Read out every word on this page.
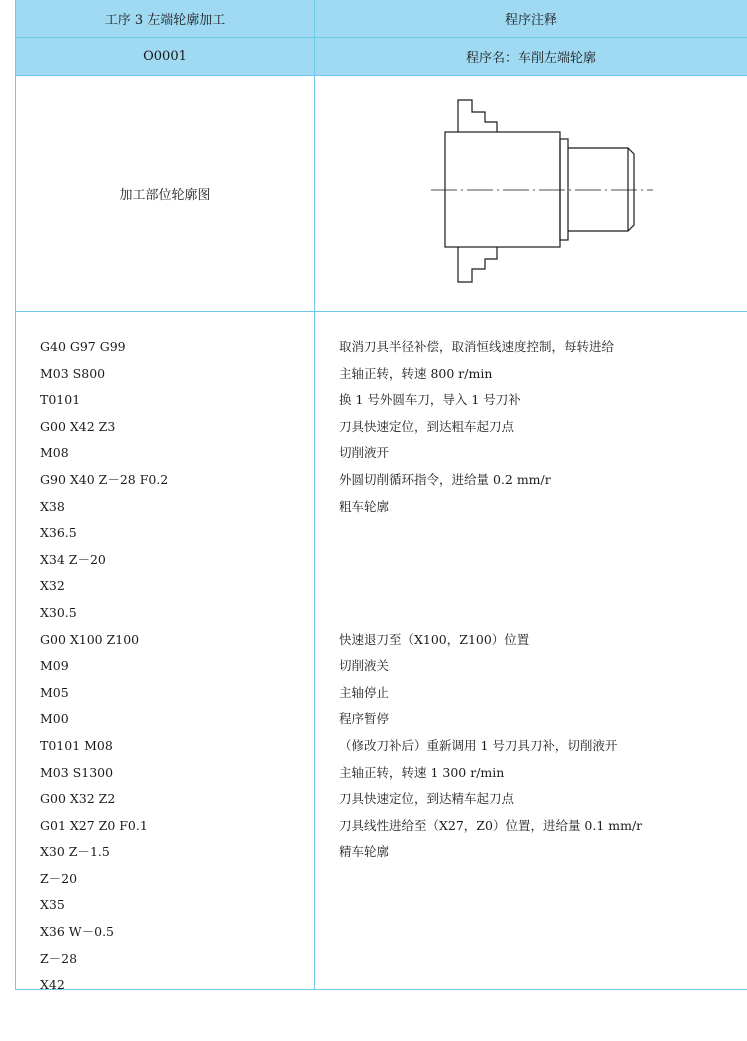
工序 3 左端轮廓加工	程序注释
O0001	程序名：车削左端轮廓
加工部位轮廓图
G40 G97 G99
M03 S800
T0101
G00 X42 Z3
M08
G90 X40 Z－28 F0.2
X38
X36.5
X34 Z－20
X32
X30.5
G00 X100 Z100
M09
M05
M00
T0101 M08
M03 S1300
G00 X32 Z2
G01 X27 Z0 F0.1
X30 Z－1.5
Z－20
X35
X36 W－0.5
Z－28
X42
取消刀具半径补偿，取消恒线速度控制，每转进给
主轴正转，转速 800 r/min
换 1 号外圆车刀，导入 1 号刀补
刀具快速定位，到达粗车起刀点
切削液开
外圆切削循环指令，进给量 0.2 mm/r
粗车轮廓
快速退刀至（X100，Z100）位置
切削液关
主轴停止
程序暂停
（修改刀补后）重新调用 1 号刀具刀补，切削液开
主轴正转，转速 1 300 r/min
刀具快速定位，到达精车起刀点
刀具线性进给至（X27，Z0）位置，进给量 0.1 mm/r
精车轮廓
